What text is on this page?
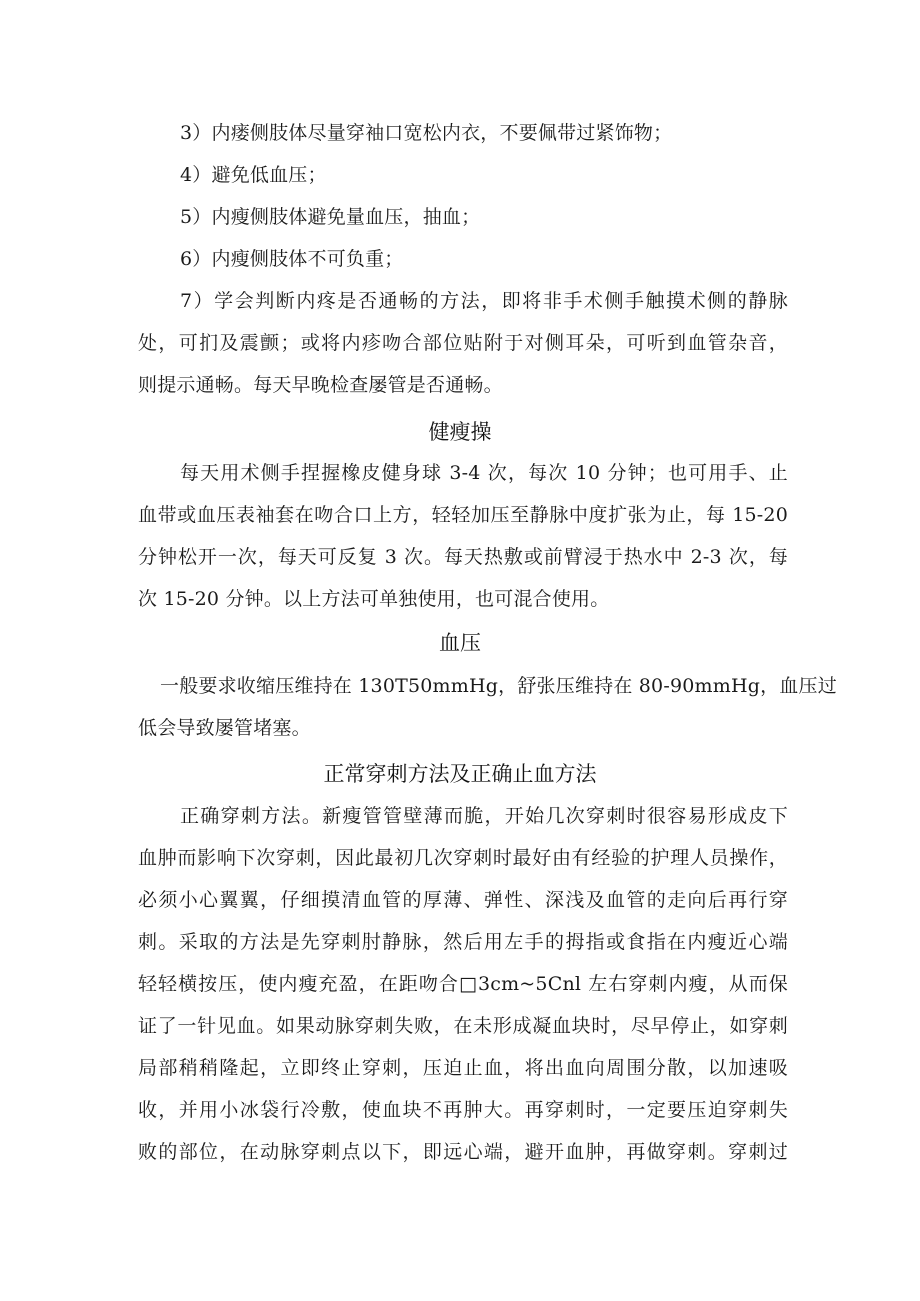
3）内瘘侧肢体尽量穿袖口宽松内衣，不要佩带过紧饰物；
4）避免低血压；
5）内瘦侧肢体避免量血压，抽血；
6）内瘦侧肢体不可负重；
7）学会判断内疼是否通畅的方法，即将非手术侧手触摸术侧的静脉
处，可扪及震颤；或将内疹吻合部位贴附于对侧耳朵，可听到血管杂音，
则提示通畅。每天早晚检查屡管是否通畅。
健瘦操
每天用术侧手捏握橡皮健身球 3-4 次，每次 10 分钟；也可用手、止
血带或血压表袖套在吻合口上方，轻轻加压至静脉中度扩张为止，每 15-20
分钟松开一次，每天可反复 3 次。每天热敷或前臂浸于热水中 2-3 次，每
次 15-20 分钟。以上方法可单独使用，也可混合使用。
血压
一般要求收缩压维持在 130T50mmHg，舒张压维持在 80-90mmHg，血压过
低会导致屡管堵塞。
正常穿刺方法及正确止血方法
正确穿刺方法。新瘦管管壁薄而脆，开始几次穿刺时很容易形成皮下
血肿而影响下次穿刺，因此最初几次穿刺时最好由有经验的护理人员操作，
必须小心翼翼，仔细摸清血管的厚薄、弹性、深浅及血管的走向后再行穿
刺。采取的方法是先穿刺肘静脉，然后用左手的拇指或食指在内瘦近心端
轻轻横按压，使内瘦充盈，在距吻合□3cm~5Cnl 左右穿刺内瘦，从而保
证了一针见血。如果动脉穿刺失败，在未形成凝血块时，尽早停止，如穿刺
局部稍稍隆起，立即终止穿刺，压迫止血，将出血向周围分散，以加速吸
收，并用小冰袋行冷敷，使血块不再肿大。再穿刺时，一定要压迫穿刺失
败的部位，在动脉穿刺点以下，即远心端，避开血肿，再做穿刺。穿刺过
